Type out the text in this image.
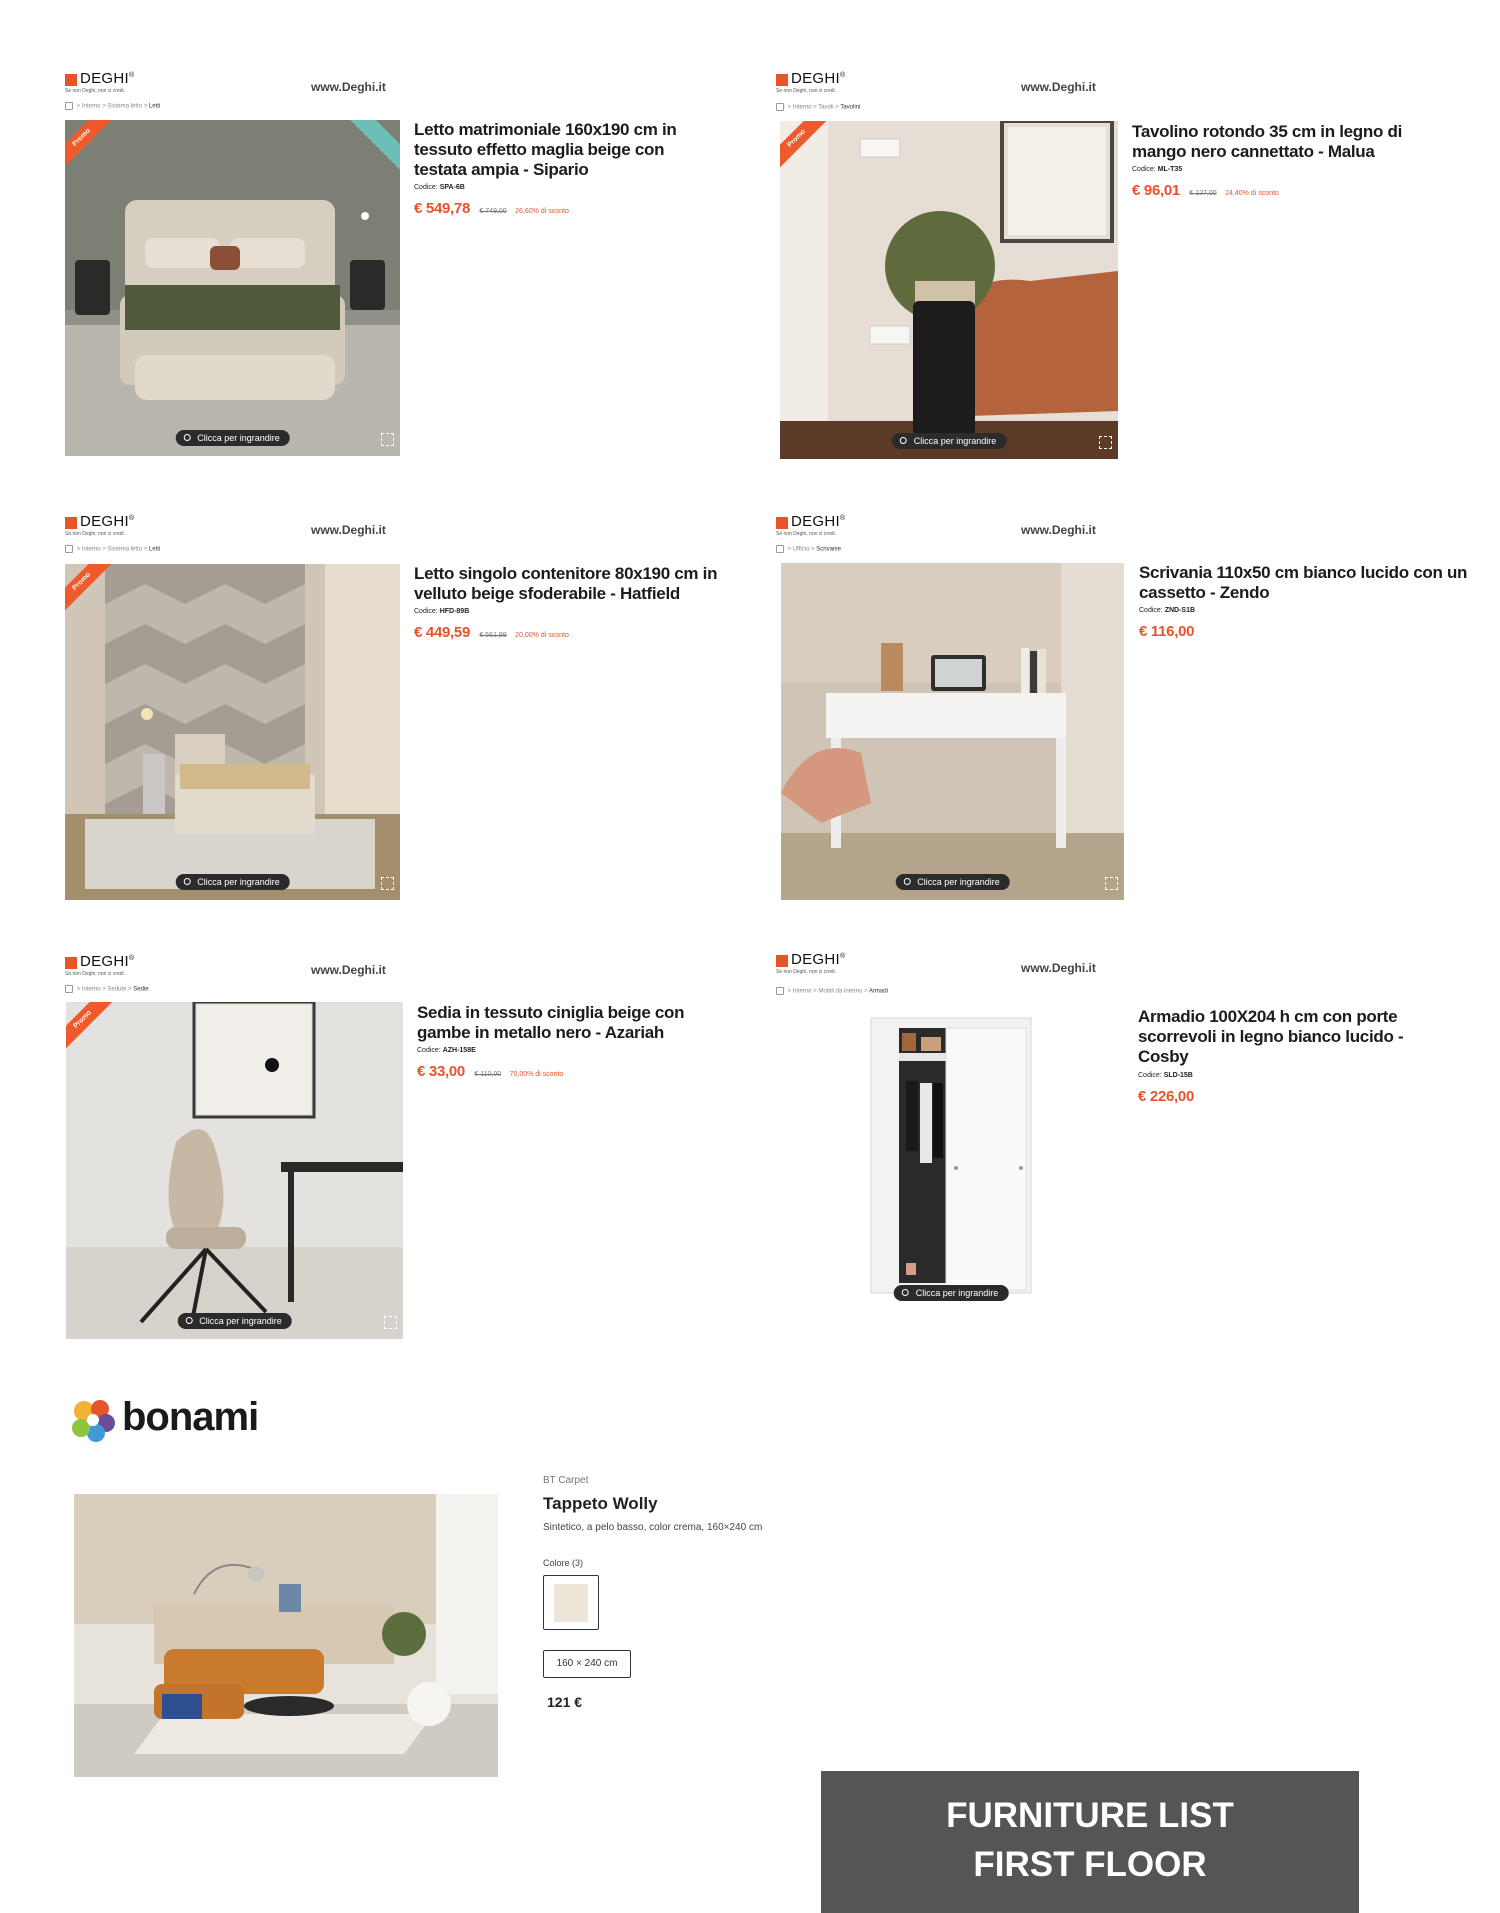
DEGHI®
Se non Deghi, non ci credi.	www.Deghi.it
> Interno > Sistema letto > Letti
Promo
Clicca per ingrandire
Letto matrimoniale 160x190 cm in tessuto effetto maglia beige con testata ampia - Sipario
Codice: SPA-6B
€ 549,78 € 749,00 26,60% di sconto
DEGHI®
Se non Deghi, non ci credi.	www.Deghi.it
> Interno > Tavoli > Tavolini
Promo
Clicca per ingrandire
Tavolino rotondo 35 cm in legno di mango nero cannettato - Malua
Codice: ML-T35
€ 96,01 € 127,00 24,40% di sconto
DEGHI®
Se non Deghi, non ci credi.	www.Deghi.it
> Interno > Sistema letto > Letti
Promo
Clicca per ingrandire
Letto singolo contenitore 80x190 cm in velluto beige sfoderabile - Hatfield
Codice: HFD-89B
€ 449,59 € 561,99 20,00% di sconto
DEGHI®
Se non Deghi, non ci credi.	www.Deghi.it
> Ufficio > Scrivanie
Clicca per ingrandire
Scrivania 110x50 cm bianco lucido con un cassetto - Zendo
Codice: ZND-S1B
€ 116,00
DEGHI®
Se non Deghi, non ci credi.	www.Deghi.it
> Interno > Sedute > Sedie
Promo
Clicca per ingrandire
Sedia in tessuto ciniglia beige con gambe in metallo nero - Azariah
Codice: AZH-158E
€ 33,00 € 110,00 70,00% di sconto
DEGHI®
Se non Deghi, non ci credi.	www.Deghi.it
> Interno > Mobili da interno > Armadi
Clicca per ingrandire
Armadio 100X204 h cm con porte scorrevoli in legno bianco lucido - Cosby
Codice: SLD-15B
€ 226,00
bonami
BT Carpet
Tappeto Wolly
Sintetico, a pelo basso, color crema, 160×240 cm
Colore (3)
160 × 240 cm
121 €
FURNITURE LIST
FIRST FLOOR
